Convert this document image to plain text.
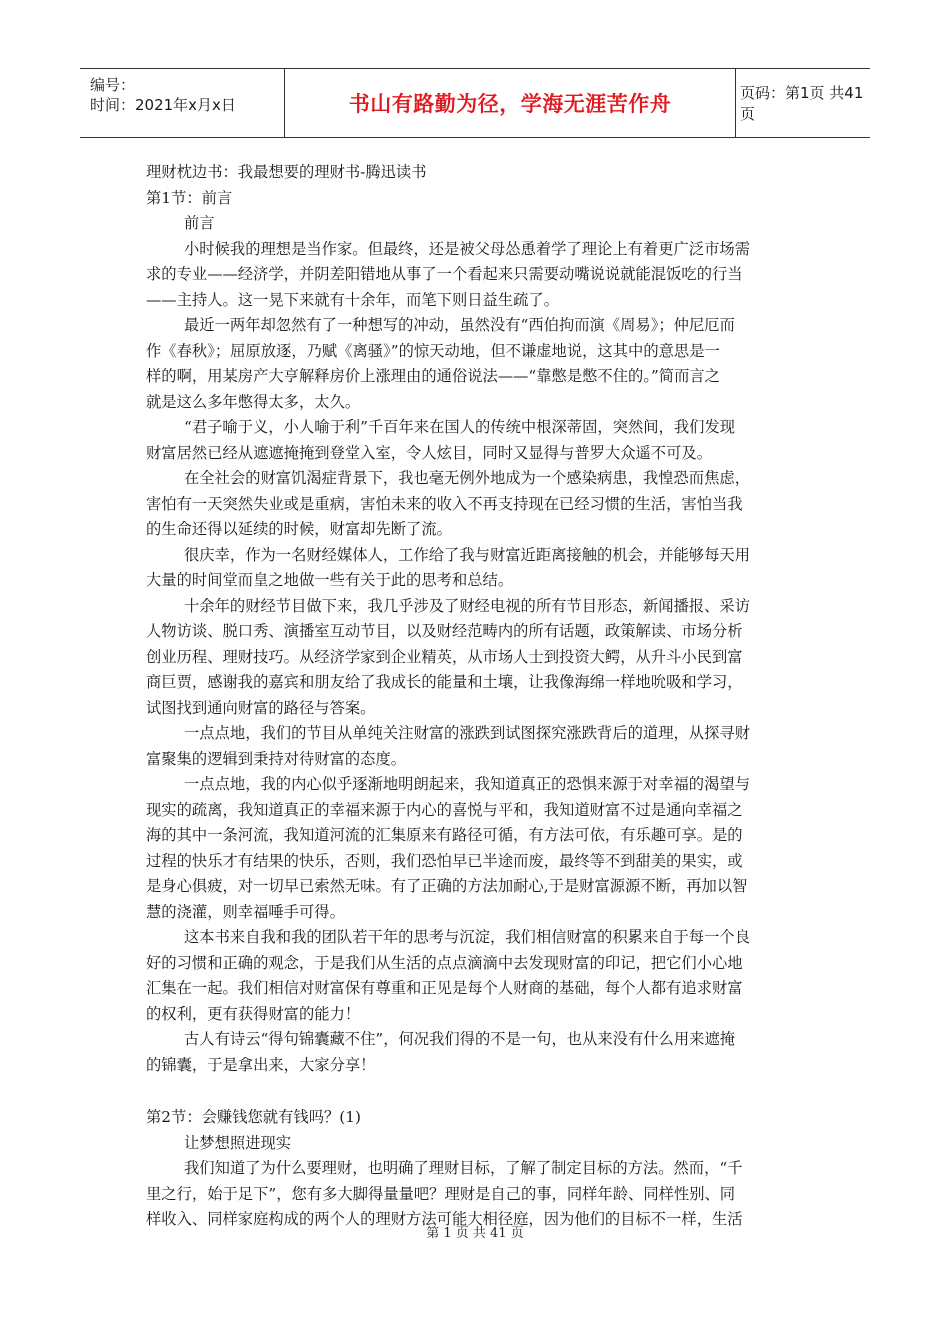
编号：
时间：2021年x月x日	书山有路勤为径，学海无涯苦作舟	页码：第1页 共41页
理财枕边书：我最想要的理财书-腾迅读书
第1节：前言
前言
小时候我的理想是当作家。但最终，还是被父母怂恿着学了理论上有着更广泛市场需
求的专业——经济学，并阴差阳错地从事了一个看起来只需要动嘴说说就能混饭吃的行当
——主持人。这一晃下来就有十余年，而笔下则日益生疏了。
最近一两年却忽然有了一种想写的冲动，虽然没有“西伯拘而演《周易》；仲尼厄而
作《春秋》；屈原放逐，乃赋《离骚》”的惊天动地，但不谦虚地说，这其中的意思是一
样的啊，用某房产大亨解释房价上涨理由的通俗说法——“靠憋是憋不住的。”简而言之
就是这么多年憋得太多，太久。
“君子喻于义，小人喻于利”千百年来在国人的传统中根深蒂固，突然间，我们发现
财富居然已经从遮遮掩掩到登堂入室，令人炫目，同时又显得与普罗大众遥不可及。
在全社会的财富饥渴症背景下，我也毫无例外地成为一个感染病患，我惶恐而焦虑，
害怕有一天突然失业或是重病，害怕未来的收入不再支持现在已经习惯的生活，害怕当我
的生命还得以延续的时候，财富却先断了流。
很庆幸，作为一名财经媒体人，工作给了我与财富近距离接触的机会，并能够每天用
大量的时间堂而皇之地做一些有关于此的思考和总结。
十余年的财经节目做下来，我几乎涉及了财经电视的所有节目形态，新闻播报、采访
人物访谈、脱口秀、演播室互动节目，以及财经范畴内的所有话题，政策解读、市场分析
创业历程、理财技巧。从经济学家到企业精英，从市场人士到投资大鳄，从升斗小民到富
商巨贾，感谢我的嘉宾和朋友给了我成长的能量和土壤，让我像海绵一样地吮吸和学习，
试图找到通向财富的路径与答案。
一点点地，我们的节目从单纯关注财富的涨跌到试图探究涨跌背后的道理，从探寻财
富聚集的逻辑到秉持对待财富的态度。
一点点地，我的内心似乎逐渐地明朗起来，我知道真正的恐惧来源于对幸福的渴望与
现实的疏离，我知道真正的幸福来源于内心的喜悦与平和，我知道财富不过是通向幸福之
海的其中一条河流，我知道河流的汇集原来有路径可循，有方法可依，有乐趣可享。是的
过程的快乐才有结果的快乐，否则，我们恐怕早已半途而废，最终等不到甜美的果实，或
是身心俱疲，对一切早已索然无味。有了正确的方法加耐心,于是财富源源不断，再加以智
慧的浇灌，则幸福唾手可得。
这本书来自我和我的团队若干年的思考与沉淀，我们相信财富的积累来自于每一个良
好的习惯和正确的观念，于是我们从生活的点点滴滴中去发现财富的印记，把它们小心地
汇集在一起。我们相信对财富保有尊重和正见是每个人财商的基础，每个人都有追求财富
的权利，更有获得财富的能力！
古人有诗云“得句锦囊藏不住”，何况我们得的不是一句，也从来没有什么用来遮掩
的锦囊，于是拿出来，大家分享！
第2节：会赚钱您就有钱吗？(1)
让梦想照进现实
我们知道了为什么要理财，也明确了理财目标，了解了制定目标的方法。然而，“千
里之行，始于足下”，您有多大脚得量量吧？理财是自己的事，同样年龄、同样性别、同
样收入、同样家庭构成的两个人的理财方法可能大相径庭，因为他们的目标不一样，生活
第 1 页 共 41 页
